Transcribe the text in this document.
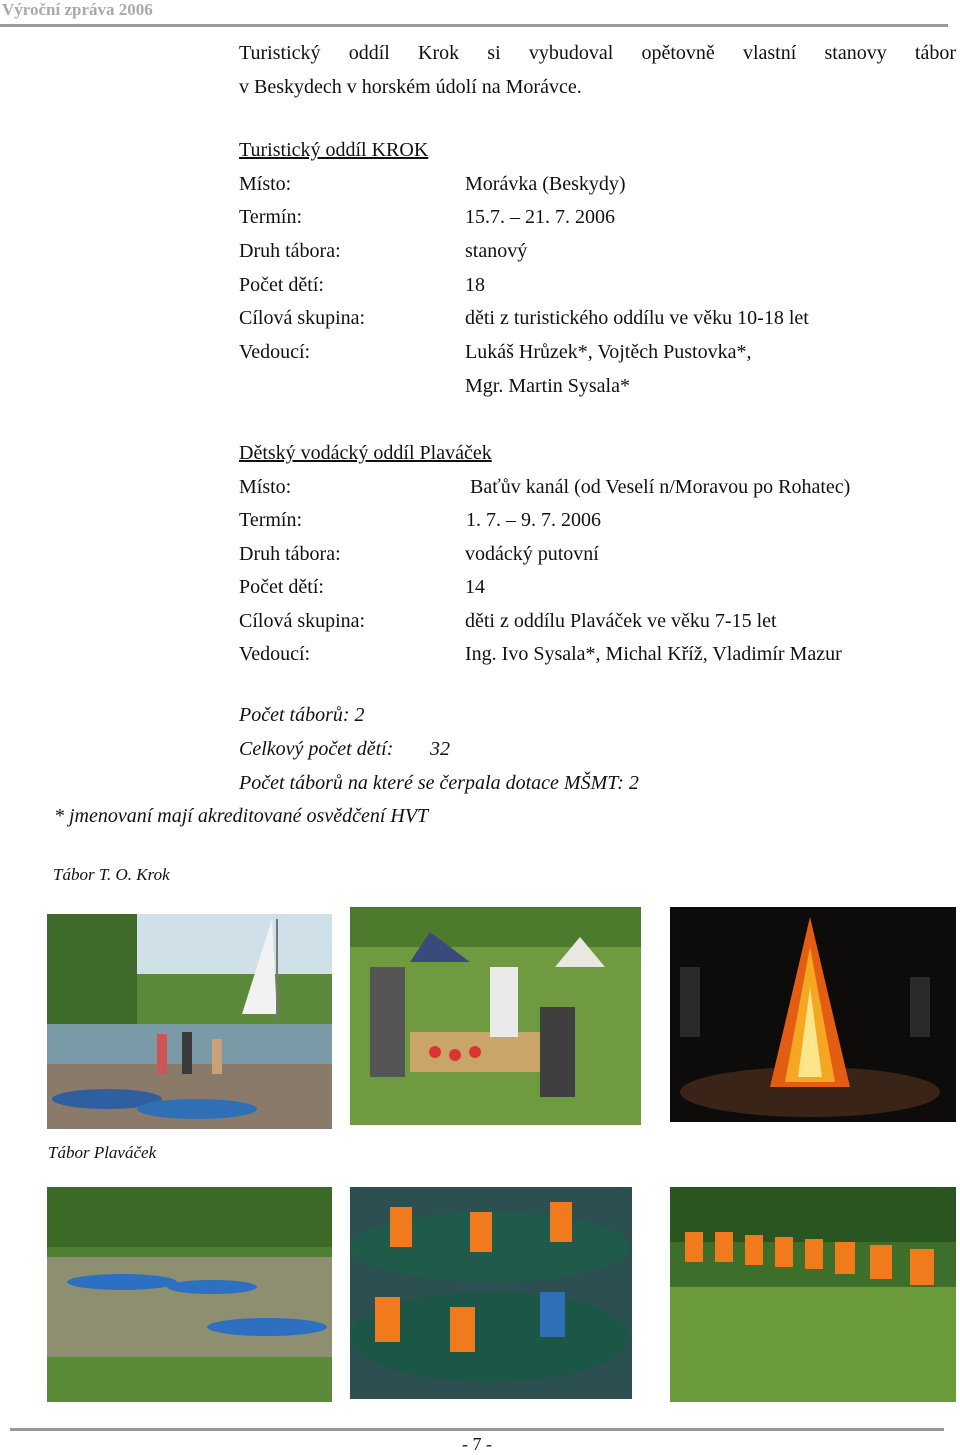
Výroční zpráva 2006
Turistický oddíl Krok si vybudoval opětovně vlastní stanovy tábor
v Beskydech v horském údolí na Morávce.
Turistický oddíl KROK
Místo:	Morávka (Beskydy)
Termín:	15.7. – 21. 7. 2006
Druh tábora:	stanový
Počet dětí:	18
Cílová skupina:	děti z turistického oddílu ve věku 10-18 let
Vedoucí:	Lukáš Hrůzek*, Vojtěch Pustovka*,
Mgr. Martin Sysala*
Dětský vodácký oddíl Plaváček
Místo:	Baťův kanál (od Veselí n/Moravou po Rohatec)
Termín:	1. 7. – 9. 7. 2006
Druh tábora:	vodácký putovní
Počet dětí:	14
Cílová skupina:	děti z oddílu Plaváček ve věku 7-15 let
Vedoucí:	Ing. Ivo Sysala*, Michal Kříž, Vladimír Mazur
Počet táborů: 2
Celkový počet dětí: 32
Počet táborů na které se čerpala dotace MŠMT: 2
* jmenovaní mají akreditované osvědčení HVT
Tábor T. O. Krok
Tábor Plaváček
- 7 -
